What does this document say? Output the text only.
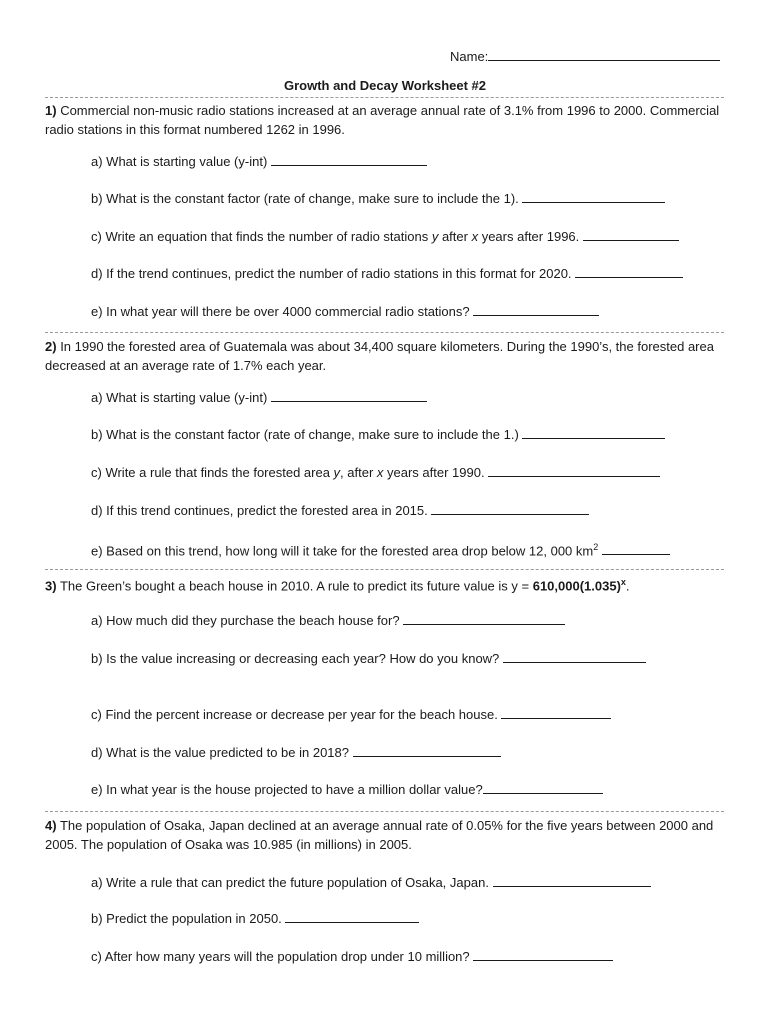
Name:
Growth and Decay Worksheet #2
1) Commercial non-music radio stations increased at an average annual rate of 3.1% from 1996 to 2000. Commercial radio stations in this format numbered 1262 in 1996.
a) What is starting value (y-int)
b) What is the constant factor (rate of change, make sure to include the 1).
c) Write an equation that finds the number of radio stations y after x years after 1996.
d) If the trend continues, predict the number of radio stations in this format for 2020.
e) In what year will there be over 4000 commercial radio stations?
2) In 1990 the forested area of Guatemala was about 34,400 square kilometers. During the 1990’s, the forested area decreased at an average rate of 1.7% each year.
a) What is starting value (y-int)
b) What is the constant factor (rate of change, make sure to include the 1.)
c) Write a rule that finds the forested area y, after x years after 1990.
d) If this trend continues, predict the forested area in 2015.
e) Based on this trend, how long will it take for the forested area drop below 12, 000 $km^2$
3) The Green’s bought a beach house in 2010. A rule to predict its future value is $y = 610,000(1.035)^x$.
a) How much did they purchase the beach house for?
b) Is the value increasing or decreasing each year? How do you know?
c) Find the percent increase or decrease per year for the beach house.
d) What is the value predicted to be in 2018?
e) In what year is the house projected to have a million dollar value?
4) The population of Osaka, Japan declined at an average annual rate of 0.05% for the five years between 2000 and 2005. The population of Osaka was 10.985 (in millions) in 2005.
a) Write a rule that can predict the future population of Osaka, Japan.
b) Predict the population in 2050.
c) After how many years will the population drop under 10 million?
